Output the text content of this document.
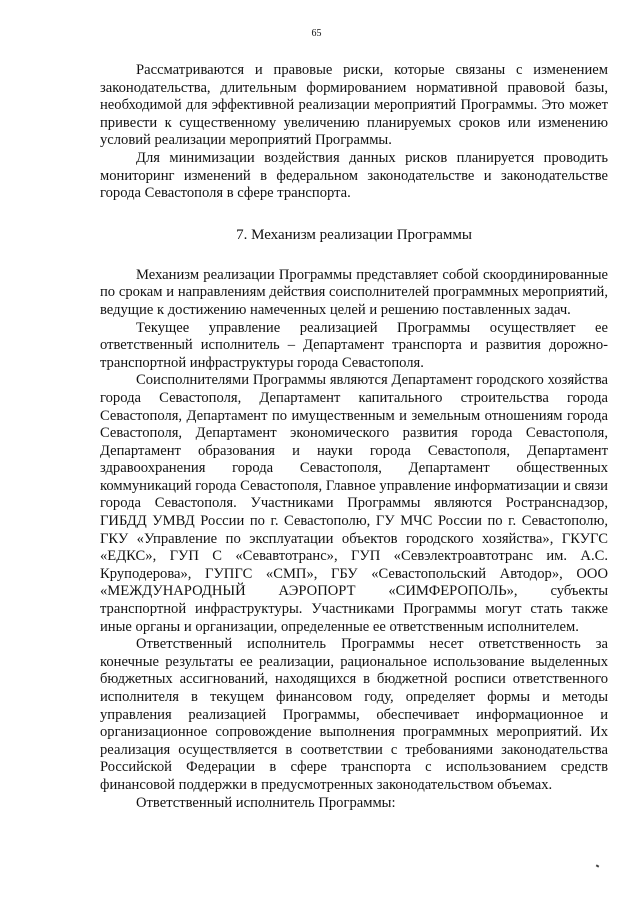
65

Рассматриваются и правовые риски, которые связаны с изменением законодательства, длительным формированием нормативной правовой базы, необходимой для эффективной реализации мероприятий Программы. Это может привести к существенному увеличению планируемых сроков или изменению условий реализации мероприятий Программы.

Для минимизации воздействия данных рисков планируется проводить мониторинг изменений в федеральном законодательстве и законодательстве города Севастополя в сфере транспорта.

7. Механизм реализации Программы

Механизм реализации Программы представляет собой скоординированные по срокам и направлениям действия соисполнителей программных мероприятий, ведущие к достижению намеченных целей и решению поставленных задач.

Текущее управление реализацией Программы осуществляет ее ответственный исполнитель – Департамент транспорта и развития дорожно-транспортной инфраструктуры города Севастополя.

Соисполнителями Программы являются Департамент городского хозяйства города Севастополя, Департамент капитального строительства города Севастополя, Департамент по имущественным и земельным отношениям города Севастополя, Департамент экономического развития города Севастополя, Департамент образования и науки города Севастополя, Департамент здравоохранения города Севастополя, Департамент общественных коммуникаций города Севастополя, Главное управление информатизации и связи города Севастополя. Участниками Программы являются Ространснадзор, ГИБДД УМВД России по г. Севастополю, ГУ МЧС России по г. Севастополю, ГКУ «Управление по эксплуатации объектов городского хозяйства», ГКУГС «ЕДКС», ГУП С «Севавтотранс», ГУП «Севэлектроавтотранс им. А.С. Круподерова», ГУПГС «СМП», ГБУ «Севастопольский Автодор», ООО «МЕЖДУНАРОДНЫЙ АЭРОПОРТ «СИМФЕРОПОЛЬ», субъекты транспортной инфраструктуры. Участниками Программы могут стать также иные органы и организации, определенные ее ответственным исполнителем.

Ответственный исполнитель Программы несет ответственность за конечные результаты ее реализации, рациональное использование выделенных бюджетных ассигнований, находящихся в бюджетной росписи ответственного исполнителя в текущем финансовом году, определяет формы и методы управления реализацией Программы, обеспечивает информационное и организационное сопровождение выполнения программных мероприятий. Их реализация осуществляется в соответствии с требованиями законодательства Российской Федерации в сфере транспорта с использованием средств финансовой поддержки в предусмотренных законодательством объемах.

Ответственный исполнитель Программы:
